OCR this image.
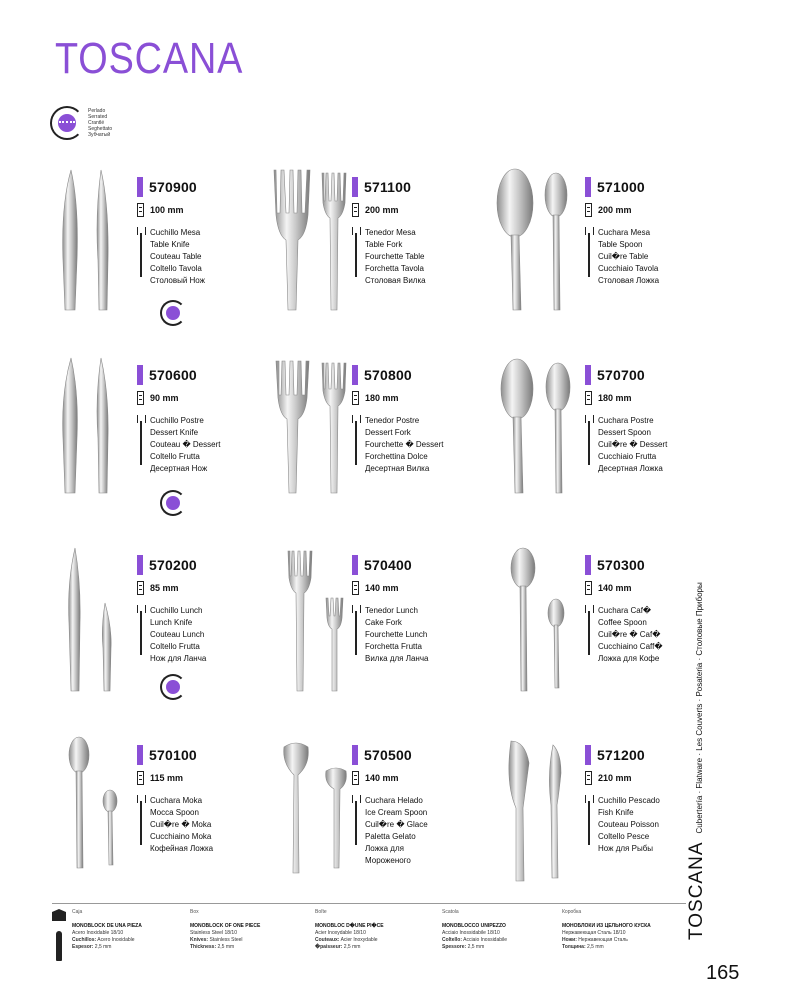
TOSCANA
Perlado
Serrated
Crantlé
Seghettato
Зубчатый
570900
100 mm
Cuchillo Mesa
Table Knife
Couteau Table
Coltello Tavola
Столовый Нож
571100
200 mm
Tenedor Mesa
Table Fork
Fourchette Table
Forchetta Tavola
Столовая Вилка
571000
200 mm
Cuchara Mesa
Table Spoon
Cuil�re Table
Cucchiaio Tavola
Столовая Ложка
570600
90 mm
Cuchillo Postre
Dessert Knife
Couteau � Dessert
Coltello Frutta
Десертная Нож
570800
180 mm
Tenedor Postre
Dessert Fork
Fourchette � Dessert
Forchettina Dolce
Десертная Вилка
570700
180 mm
Cuchara Postre
Dessert Spoon
Cuil�re � Dessert
Cucchiaio Frutta
Десертная Ложка
570200
85 mm
Cuchillo Lunch
Lunch Knife
Couteau Lunch
Coltello Frutta
Нож для Ланча
570400
140 mm
Tenedor Lunch
Cake Fork
Fourchette Lunch
Forchetta Frutta
Вилка для Ланча
570300
140 mm
Cuchara Caf�
Coffee Spoon
Cuil�re � Caf�
Cucchiaino Caff�
Ложка для Кофе
570100
115 mm
Cuchara Moka
Mocca Spoon
Cuil�re � Moka
Cucchiaino Moka
Кофейная Ложка
570500
140 mm
Cuchara Helado
Ice Cream Spoon
Cuil�re � Glace
Paletta Gelato
Ложка для
Мороженого
571200
210 mm
Cuchillo Pescado
Fish Knife
Couteau Poisson
Coltello Pesce
Нож для Рыбы	TOSCANA
Cubertería · Flatware · Les Couverts · Posateria · Столовые Приборы
Caja
MONOBLOCK DE UNA PIEZA
Acero Inoxidable 18/10
Cuchillos: Acero Inoxidable
Espesor: 2,5 mm
Box
MONOBLOCK OF ONE PIECE
Stainless Steel 18/10
Knives: Stainless Steel
Thickness: 2,5 mm
Boîte
MONOBLOC D�UNE PI�CE
Acier Inoxydable 18/10
Couteaux: Acier Inoxydable
�paisseur: 2,5 mm
Scatola
MONOBLOCCO UNIPEZZO
Acciaio Inossidabile 18/10
Coltello: Acciaio Inossidabile
Spessore: 2,5 mm
Коробка
МОНОБЛОКИ ИЗ ЦЕЛЬНОГО КУСКА
Нержавеющая Сталь 18/10
Ножи: Нержавеющая Сталь
Толщина: 2,5 mm
165
